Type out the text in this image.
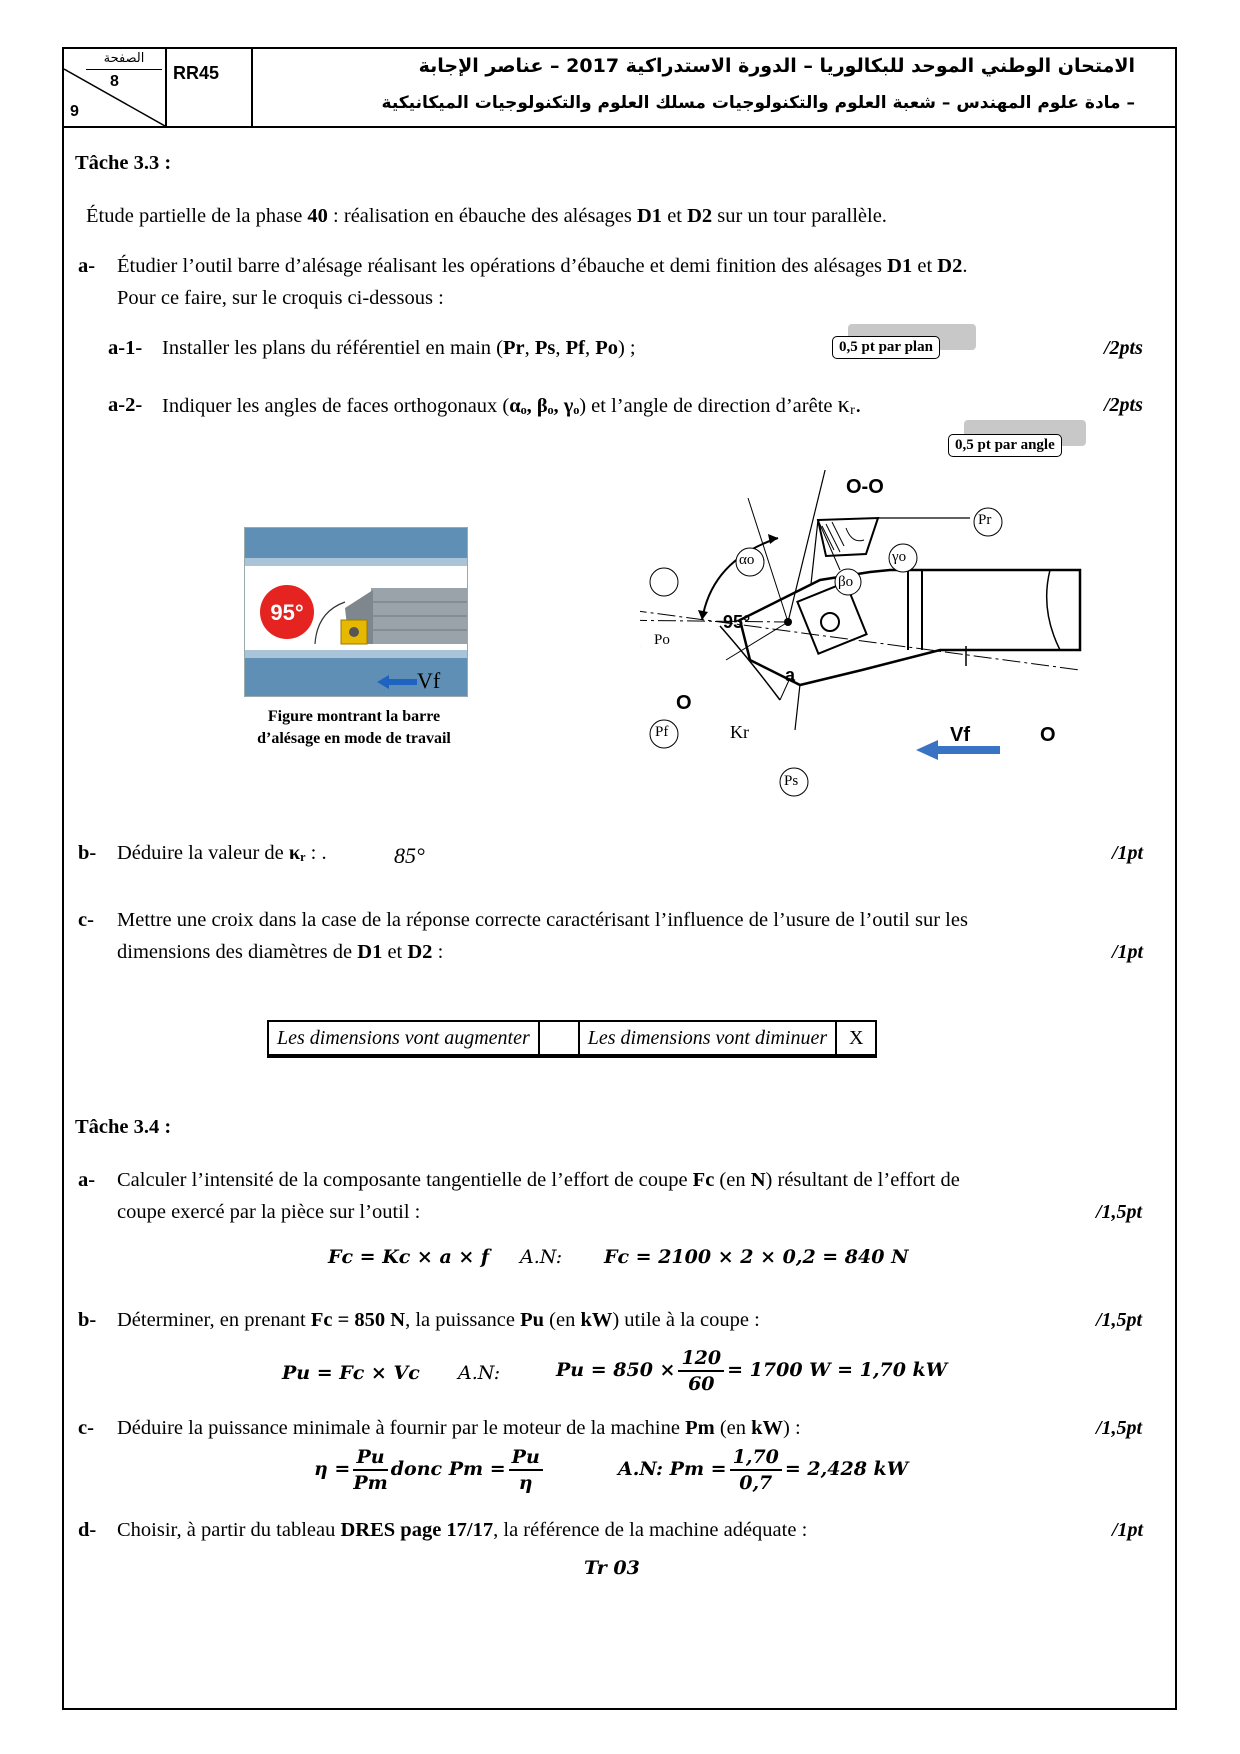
الصفحة
8
9
RR45	الامتحان الوطني الموحد للبكالوريا – الدورة الاستدراكية 2017 – عناصر الإجابة
– مادة علوم المهندس – شعبة العلوم والتكنولوجيات مسلك العلوم والتكنولوجيات الميكانيكية
Tâche 3.3 :
Étude partielle de la phase 40 : réalisation en ébauche des alésages D1 et D2 sur un tour parallèle.
a- Étudier l’outil barre d’alésage réalisant les opérations d’ébauche et demi finition des alésages D1 et D2.
Pour ce faire, sur le croquis ci-dessous :
a-1- Installer les plans du référentiel en main (Pr, Ps, Pf, Po) ;	0,5 pt par plan	/2pts
a-2- Indiquer les angles de faces orthogonaux (αₒ, βₒ, γₒ) et l’angle de direction d’arête κᵣ.	/2pts
0,5 pt par angle
95°
Vf
Figure montrant la barre
d’alésage en mode de travail
O-O
Pr
αo
βo
γo
95°
Po
a
O
Pf	Kr	Vf	O
Ps
b- Déduire la valeur de κᵣ : .	85°	/1pt
c- Mettre une croix dans la case de la réponse correcte caractérisant l’influence de l’usure de l’outil sur les
dimensions des diamètres de D1 et D2 :	/1pt
Les dimensions vont augmenter		Les dimensions vont diminuer	X
Tâche 3.4 :
a- Calculer l’intensité de la composante tangentielle de l’effort de coupe Fc (en N) résultant de l’effort de
coupe exercé par la pièce sur l’outil :	/1,5pt
Fc = Kc × a × f A.N: Fc = 2100 × 2 × 0,2 = 840 N
b- Déterminer, en prenant Fc = 850 N, la puissance Pu (en kW) utile à la coupe :	/1,5pt
Pu = Fc × Vc A.N:	$Pu = 850 \times \frac{120}{60} = 1700$ W = 1,70 kW
c- Déduire la puissance minimale à fournir par le moteur de la machine Pm (en kW) :	/1,5pt
$\eta = \frac{Pu}{Pm}$ donc $Pm = \frac{Pu}{\eta}$	A.N: $Pm = \frac{1,70}{0,7} = 2,428$ kW
d- Choisir, à partir du tableau DRES page 17/17, la référence de la machine adéquate :	/1pt
Tr 03
